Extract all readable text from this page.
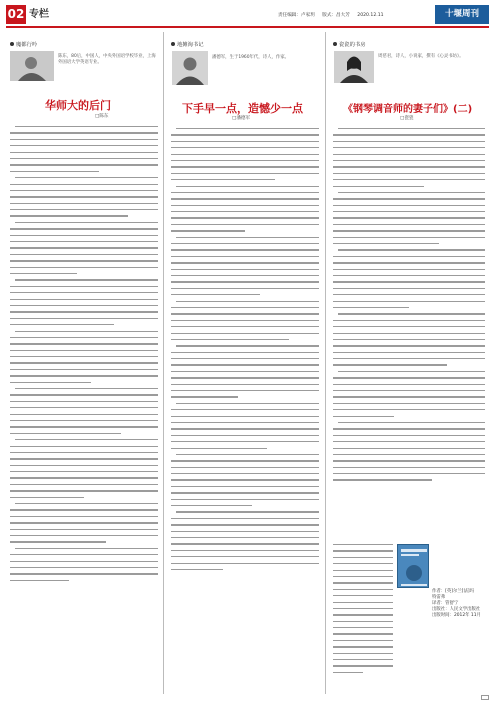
02 专栏	责任编辑：卢家玥 版式：昌大芳 2020.12.11	十堰周刊
魔都行吟
陈东，80后，中国人，中央外国语学校毕业，上海外国语大学英语专业。
华师大的后门
□陈东
地摊淘书记
潘德军，生于1960年代，诗人，作家。
下手早一点，造憾少一点
□潘德军
瓷瓷的书房
周慈君，诗人，小说家，撰有《心灵书坊》。
《钢琴调音师的妻子们》(二)
□瓷瓷
作者：[英]尔兰[法]玛
特雷弗
译者：管舒宁
出版社：人民文学出版社
出版时间：2012年 11月
